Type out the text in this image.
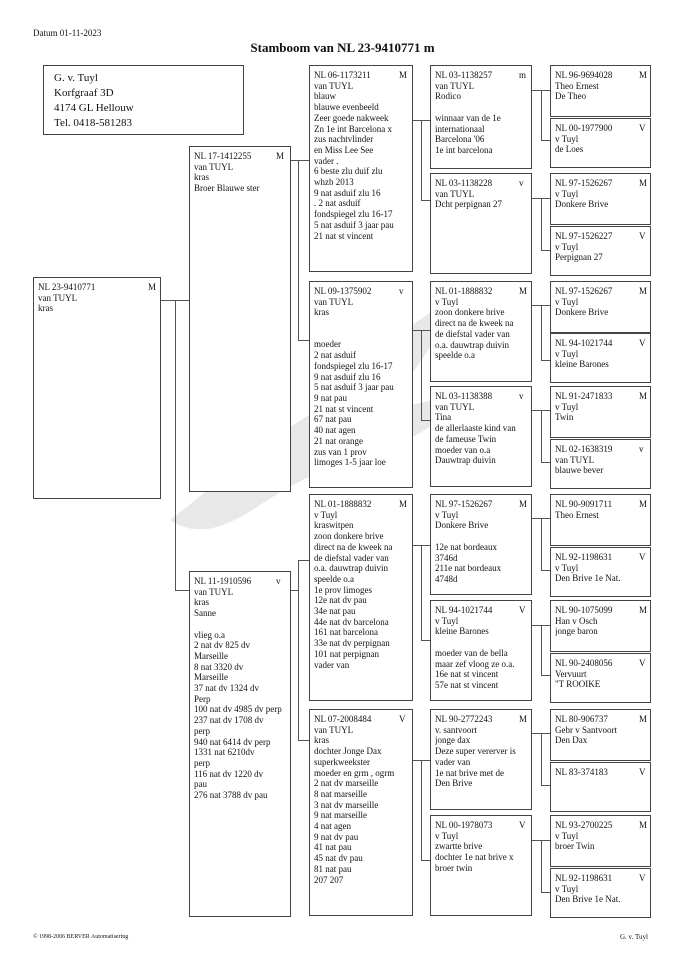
Datum 01-11-2023
Stamboom van NL 23-9410771 m
G. v. Tuyl
Korfgraaf 3D
4174 GL Hellouw
Tel. 0418-581283
NL 23-9410771	M
van TUYL
kras
NL 17-1412255	M
van TUYL
kras
Broer Blauwe ster
NL 11-1910596	v
van TUYL
kras
Sanne
vlieg o.a
2 nat dv 825 dv
Marseille
8 nat 3320 dv
Marseille
37 nat dv 1324 dv
Perp
100 nat dv 4985 dv perp
237 nat dv 1708 dv
perp
940 nat 6414 dv perp
1331 nat 6210dv
perp
116 nat dv 1220 dv
pau
276 nat 3788 dv pau
NL 06-1173211	M
van TUYL
blauw
blauwe evenbeeld
Zeer goede nakweek
Zn 1e int Barcelona x
zus nachtvlinder
en Miss Lee See
vader .
6 beste zlu duif zlu
whzb 2013
9 nat asduif zlu 16
. 2 nat asduif
fondspiegel zlu 16-17
5 nat asduif 3 jaar pau
21 nat st vincent
NL 09-1375902	v
van TUYL
kras
moeder
2 nat asduif
fondspiegel zlu 16-17
9 nat asduif zlu 16
5 nat asduif 3 jaar pau
9 nat pau
21 nat st vincent
67 nat pau
40 nat agen
21 nat orange
zus van 1 prov
limoges 1-5 jaar loe
NL 01-1888832	M
v Tuyl
kraswitpen
zoon donkere brive
direct na de kweek na
de diefstal vader van
o.a. dauwtrap duivin
speelde o.a
1e prov limoges
12e nat dv pau
34e nat pau
44e nat dv barcelona
161 nat barcelona
33e nat dv perpignan
101 nat perpignan
vader van
NL 07-2008484	V
van TUYL
kras
dochter Jonge Dax
superkweekster
moeder en grm , ogrm
2 nat dv marseille
8 nat marseille
3 nat dv marseille
9 nat marseille
4 nat agen
9 nat dv pau
41 nat pau
45 nat dv pau
81 nat pau
207 207
NL 03-1138257	m
van TUYL
Rodico
winnaar van de 1e
internationaal
Barcelona '06
1e int barcelona
NL 03-1138228	v
van TUYL
Dcht perpignan 27
NL 01-1888832	M
v Tuyl
zoon donkere brive
direct na de kweek na
de diefstal vader van
o.a. dauwtrap duivin
speelde o.a
NL 03-1138388	v
van TUYL
Tina
de allerlaaste kind van
de fameuse Twin
moeder van o.a
Dauwtrap duivin
NL 97-1526267	M
v Tuyl
Donkere Brive
12e nat bordeaux
3746d
211e nat bordeaux
4748d
NL 94-1021744	V
v Tuyl
kleine Barones
moeder van de bella
maar zef vloog ze o.a.
16e nat st vincent
57e nat st vincent
NL 90-2772243	M
v. santvoort
jonge dax
Deze super vererver is
vader van
1e nat brive met de
Den Brive
NL 00-1978073	V
v Tuyl
zwartte brive
dochter 1e nat brive x
broer twin
NL 96-9694028	M
Theo Ernest
De Theo
NL 00-1977900	V
v Tuyl
de Loes
NL 97-1526267	M
v Tuyl
Donkere Brive
NL 97-1526227	V
v Tuyl
Perpignan 27
NL 97-1526267	M
v Tuyl
Donkere Brive
NL 94-1021744	V
v Tuyl
kleine Barones
NL 91-2471833	M
v Tuyl
Twin
NL 02-1638319	v
van TUYL
blauwe bever
NL 90-9091711	M
Theo Ernest
NL 92-1198631	V
v Tuyl
Den Brive 1e Nat.
NL 90-1075099	M
Han v Osch
jonge baron
NL 90-2408056	V
Vervuurt
"T ROOIKE
NL 80-906737	M
Gebr v Santvoort
Den Dax
NL 83-374183	V
NL 93-2700225	M
v Tuyl
broer Twin
NL 92-1198631	V
v Tuyl
Den Brive 1e Nat.
© 1998-2006 BERVER Automatisering	G. v. Tuyl
